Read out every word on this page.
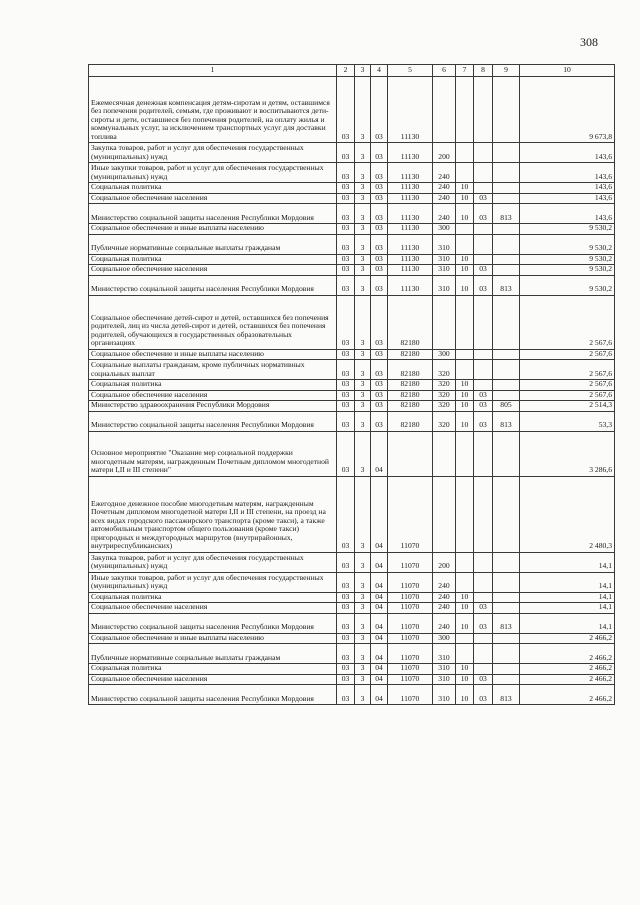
308
1	2	3	4	5	6	7	8	9	10
Ежемесячная денежная компенсация детям-сиротам и детям, оставшимся без попечения родителей, семьям, где проживают и воспитываются дети-сироты и дети, оставшиеся без попечения родителей, на оплату жилья и коммунальных услуг, за исключением транспортных услуг для доставки топлива	03	3	03	11130					9 673,8
Закупка товаров, работ и услуг для обеспечения государственных (муниципальных) нужд	03	3	03	11130	200				143,6
Иные закупки товаров, работ и услуг для обеспечения государственных (муниципальных) нужд	03	3	03	11130	240				143,6
Социальная политика	03	3	03	11130	240	10			143,6
Социальное обеспечение населения	03	3	03	11130	240	10	03		143,6
Министерство социальной защиты населения Республики Мордовия	03	3	03	11130	240	10	03	813	143,6
Социальное обеспечение и иные выплаты населению	03	3	03	11130	300				9 530,2
Публичные нормативные социальные выплаты гражданам	03	3	03	11130	310				9 530,2
Социальная политика	03	3	03	11130	310	10			9 530,2
Социальное обеспечение населения	03	3	03	11130	310	10	03		9 530,2
Министерство социальной защиты населения Республики Мордовия	03	3	03	11130	310	10	03	813	9 530,2
Социальное обеспечение детей-сирот и детей, оставшихся без попечения родителей, лиц из числа детей-сирот и детей, оставшихся без попечения родителей, обучающихся в государственных образовательных организациях	03	3	03	82180					2 567,6
Социальное обеспечение и иные выплаты населению	03	3	03	82180	300				2 567,6
Социальные выплаты гражданам, кроме публичных нормативных социальных выплат	03	3	03	82180	320				2 567,6
Социальная политика	03	3	03	82180	320	10			2 567,6
Социальное обеспечение населения	03	3	03	82180	320	10	03		2 567,6
Министерство здравоохранения Республики Мордовия	03	3	03	82180	320	10	03	805	2 514,3
Министерство социальной защиты населения Республики Мордовия	03	3	03	82180	320	10	03	813	53,3
Основное мероприятие "Оказание мер социальной поддержки многодетным матерям, награжденным Почетным дипломом многодетной матери I,II и III степени"	03	3	04						3 286,6
Ежегодное денежное пособие многодетным матерям, награжденным Почетным дипломом многодетной матери I,II и III степени, на проезд на всех видах городского пассажирского транспорта (кроме такси), а также автомобильным транспортом общего пользования (кроме такси) пригородных и междугородных маршрутов (внутрирайонных, внутриреспубликанских)	03	3	04	11070					2 480,3
Закупка товаров, работ и услуг для обеспечения государственных (муниципальных) нужд	03	3	04	11070	200				14,1
Иные закупки товаров, работ и услуг для обеспечения государственных (муниципальных) нужд	03	3	04	11070	240				14,1
Социальная политика	03	3	04	11070	240	10			14,1
Социальное обеспечение населения	03	3	04	11070	240	10	03		14,1
Министерство социальной защиты населения Республики Мордовия	03	3	04	11070	240	10	03	813	14,1
Социальное обеспечение и иные выплаты населению	03	3	04	11070	300				2 466,2
Публичные нормативные социальные выплаты гражданам	03	3	04	11070	310				2 466,2
Социальная политика	03	3	04	11070	310	10			2 466,2
Социальное обеспечение населения	03	3	04	11070	310	10	03		2 466,2
Министерство социальной защиты населения Республики Мордовия	03	3	04	11070	310	10	03	813	2 466,2
